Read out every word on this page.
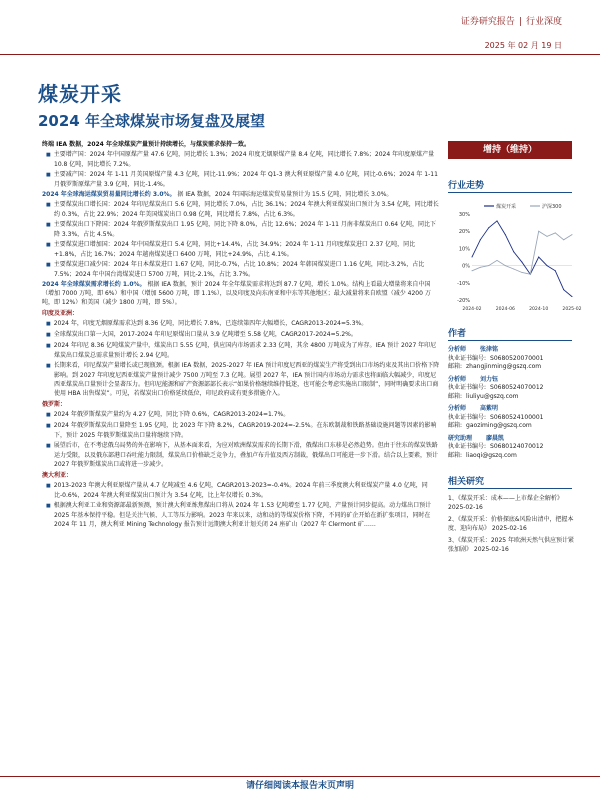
证券研究报告 | 行业深度
2025 年 02 月 19 日
煤炭开采
2024 年全球煤炭市场复盘及展望

终端 IEA 数据，2024 年全球煤炭产量预计持续增长，与煤炭需求保持一致。

■ 主要增产国：2024 年中国原煤产量 47.6 亿吨，同比增长 1.3%；2024 印度无烟原煤产量 8.4 亿吨，同比增长 7.8%；2024 年印度原煤产量 10.8 亿吨，同比增长 7.2%。

■ 主要减产国：2024 年 1-11 月美国原煤产量 4.3 亿吨，同比-11.9%；2024 年 Q1-3 澳大利亚原煤产量 4.0 亿吨，同比-0.6%；2024 年 1-11 月俄罗斯原煤产量 3.9 亿吨，同比-1.4%。

2024 年全球海运煤炭贸易量同比增长约 3.0%。 据 IEA 数据，2024 年国际海运煤炭贸易量预计为 15.5 亿吨，同比增长 3.0%。

■ 主要煤炭出口增长国：2024 年印尼煤炭出口 5.6 亿吨，同比增长 7.0%，占比 36.1%；2024 年澳大利亚煤炭出口预计为 3.54 亿吨，同比增长约 0.3%，占比 22.9%；2024 年美国煤炭出口 0.98 亿吨，同比增长 7.8%，占比 6.3%。

■ 主要煤炭出口下降国：2024 年俄罗斯煤炭出口 1.95 亿吨，同比下降 8.0%，占比 12.6%；2024 年 1-11 月南非煤炭出口 0.64 亿吨，同比下降 3.3%，占比 4.5%。

■ 主要煤炭进口增加国：2024 年中国煤炭进口 5.4 亿吨，同比+14.4%，占比 34.9%；2024 年 1-11 月印度煤炭进口 2.37 亿吨，同比+1.8%，占比 16.7%；2024 年越南煤炭进口 6400 万吨，同比+24.9%，占比 4.1%。

■ 主要煤炭进口减少国：2024 年日本煤炭进口 1.67 亿吨，同比-0.7%，占比 10.8%；2024 年韩国煤炭进口 1.16 亿吨，同比-3.2%，占比 7.5%；2024 年中国台湾煤炭进口 5700 万吨，同比-2.1%，占比 3.7%。

2024 年全球煤炭需求增长约 1.0%。 根据 IEA 数据，预计 2024 年全年煤炭需求将达到 87.7 亿吨，增长 1.0%。结构上看最大增量将来自中国（增加 7000 万吨，即 6%）和中国（增加 5600 万吨，即 1.1%），以及印度及向东南亚和中东等其他地区；最大减量将来自欧盟（减少 4200 万吨，即 12%）和美国（减少 1800 万吨，即 5%）。

印度及亚洲：

■ 2024 年，印度无烟原煤需求达到 8.36 亿吨，同比增长 7.8%，已连续第四年大幅增长，CAGR2013-2024=5.3%。

■ 全球煤炭出口第一大国，2017-2024 年印尼原煤出口量从 3.9 亿吨增至 5.58 亿吨，CAGR2017-2024=5.2%。

■ 2024 年印尼 8.36 亿吨煤炭产量中，煤炭出口 5.55 亿吨，供应国内市场需求 2.33 亿吨，其余 4800 万吨成为了库存。IEA 预计 2027 年印尼煤炭出口煤炭总需求量预计增长 2.94 亿吨。

■ 长期来看，印尼煤炭产量增长或已现瓶颈。根据 IEA 数据，2025-2027 年 IEA 预计印度尼西亚的煤炭生产将受到出口市场约束及其出口价格下降影响。到 2027 年印度尼西亚煤炭产量预计减少 7500 万吨至 7.3 亿吨。展望 2027 年，IEA 预计国内市场动力需求也将面临大幅减少，印度尼西亚煤炭出口量预计会显著压力。但印尼能源和矿产资源部部长表示“如果价格继续维持低迷，也可能会考虑实施出口限制”，同时明确要求出口商使用 HBA 出售煤炭”。可见，若煤炭出口价格延续低位，印尼政府或有更多措施介入。

俄罗斯：

■ 2024 年俄罗斯煤炭产量约为 4.27 亿吨，同比下降 0.6%，CAGR2013-2024=1.7%。

■ 2024 年俄罗斯煤炭出口量降至 1.95 亿吨，比 2023 年下降 8.2%，CAGR2019-2024=-2.5%。在东欧制裁和铁路基础设施问题等因素的影响下，预计 2025 年俄罗斯煤炭出口量将继续下降。

■ 展望后市，在不考虑俄乌局势的外在影响下，从基本面来看，为应对欧洲煤炭需求的长期下滑，俄煤出口东移是必然趋势。但由于往东的煤炭铁路运力受限，以及俄东部港口吞吐能力限制，煤炭出口价格缺乏竞争力，叠加卢布升值及西方制裁，俄煤出口可能进一步下滑。结合以上要素，预计 2027 年俄罗斯煤炭出口或将进一步减少。

澳大利亚：

■ 2013-2023 年澳大利亚原煤产量从 4.7 亿吨减至 4.6 亿吨，CAGR2013-2023=-0.4%。2024 年前三季度澳大利亚煤炭产量 4.0 亿吨，同比-0.6%，2024 年澳大利亚煤炭出口预计为 3.54 亿吨，比上年仅增长 0.3%。

■ 根据澳大利亚工业和资源部最新预测，预计澳大利亚炼焦煤出口将从 2024 年 1.53 亿吨增至 1.77 亿吨，产量预计同步提高。动力煤出口预计 2025 年基本保持平稳。但是关注气候、人工等压力影响。2023 年来以来，动和动的等煤炭价格下降，不同的矿企开始在新扩张项目，同时在 2024 年 11 月，澳大利亚 Mining Technology 报告预计远期澳大利亚计划关闭 24 座矿山（2027 年 Clermont 矿……

增持（维持）
行业走势
30%
20%
10%
0%
-10%
-20%
2024-02	2024-06	2024-10	2025-02
煤炭开采	沪深300
作者
分析师 张津铭
执业证书编号: S0680520070001
邮箱: zhangjinming@gszq.com
分析师 刘力钰
执业证书编号: S0680524070012
邮箱: liuliyu@gszq.com
分析师 高紫明
执业证书编号: S0680524100001
邮箱: gaoziming@gszq.com
研究助理 廖晨凯
执业证书编号: S0680124070012
邮箱: liaoqi@gszq.com
相关研究

1、《煤炭开采：成本——上市煤企全解析》 2025-02-16

2、《煤炭开采：价格探底&风险出清中，把握本度、迎向布局》 2025-02-16

3、《煤炭开采：2025 年欧洲天然气供应预计紧张加剧》 2025-02-16

请仔细阅读本报告末页声明
